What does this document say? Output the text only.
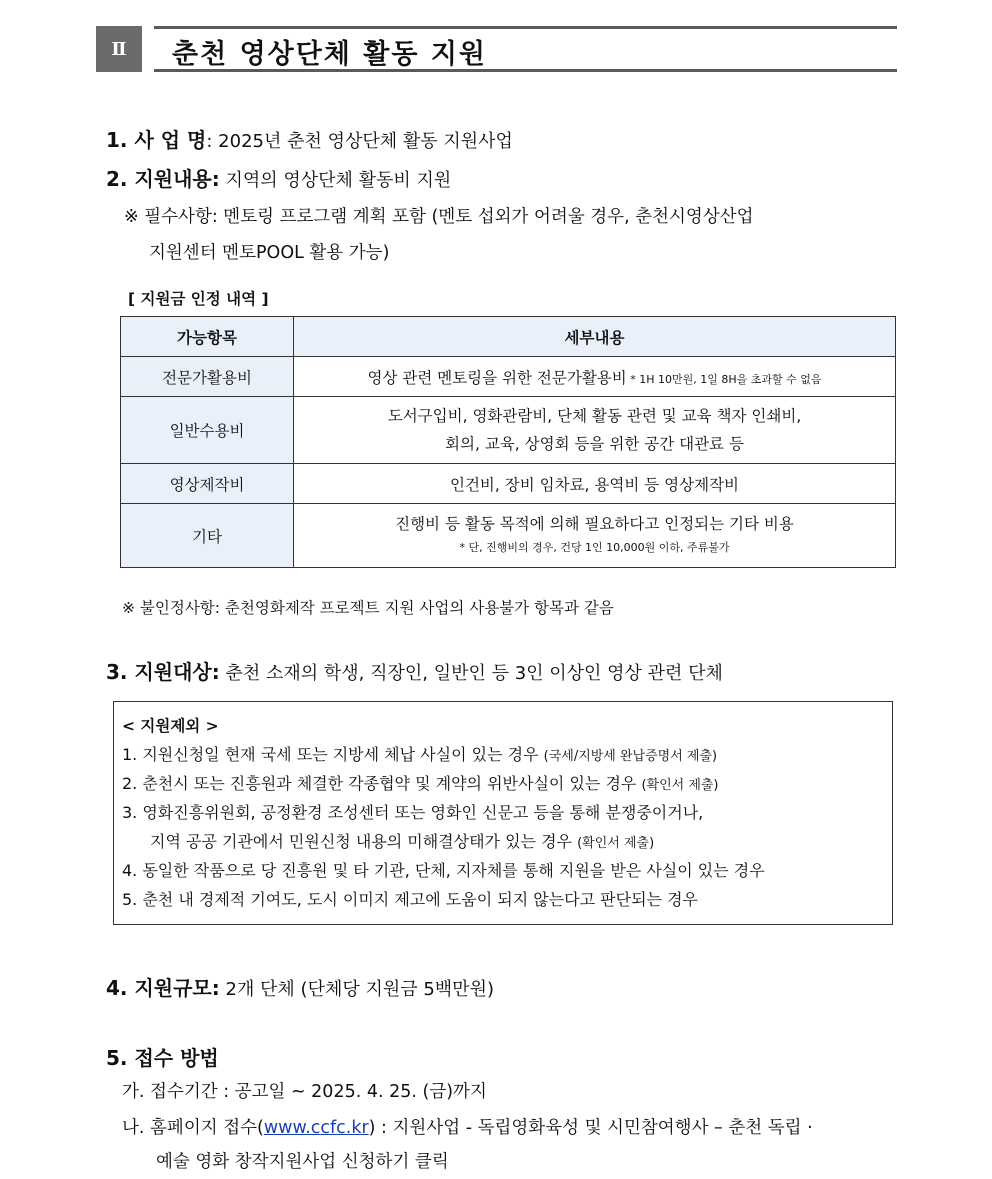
Ⅱ	춘천 영상단체 활동 지원
1. 사 업 명: 2025년 춘천 영상단체 활동 지원사업
2. 지원내용: 지역의 영상단체 활동비 지원
※ 필수사항: 멘토링 프로그램 계획 포함 (멘토 섭외가 어려울 경우, 춘천시영상산업
지원센터 멘토POOL 활용 가능)
[ 지원금 인정 내역 ]
가능항목	세부내용
전문가활용비	영상 관련 멘토링을 위한 전문가활용비 * 1H 10만원, 1일 8H을 초과할 수 없음
일반수용비	도서구입비, 영화관람비, 단체 활동 관련 및 교육 책자 인쇄비,
회의, 교육, 상영회 등을 위한 공간 대관료 등

영상제작비	인건비, 장비 임차료, 용역비 등 영상제작비
기타	진행비 등 활동 목적에 의해 필요하다고 인정되는 기타 비용
* 단, 진행비의 경우, 건당 1인 10,000원 이하, 주류불가
※ 불인정사항: 춘천영화제작 프로젝트 지원 사업의 사용불가 항목과 같음
3. 지원대상: 춘천 소재의 학생, 직장인, 일반인 등 3인 이상인 영상 관련 단체
< 지원제외 >
1. 지원신청일 현재 국세 또는 지방세 체납 사실이 있는 경우 (국세/지방세 완납증명서 제출)
2. 춘천시 또는 진흥원과 체결한 각종협약 및 계약의 위반사실이 있는 경우 (확인서 제출)
3. 영화진흥위원회, 공정환경 조성센터 또는 영화인 신문고 등을 통해 분쟁중이거나,
지역 공공 기관에서 민원신청 내용의 미해결상태가 있는 경우 (확인서 제출)
4. 동일한 작품으로 당 진흥원 및 타 기관, 단체, 지자체를 통해 지원을 받은 사실이 있는 경우
5. 춘천 내 경제적 기여도, 도시 이미지 제고에 도움이 되지 않는다고 판단되는 경우
4. 지원규모: 2개 단체 (단체당 지원금 5백만원)
5. 접수 방법
가. 접수기간 : 공고일 ~ 2025. 4. 25. (금)까지
나. 홈페이지 접수(www.ccfc.kr) : 지원사업 - 독립영화육성 및 시민참여행사 – 춘천 독립 ·
예술 영화 창작지원사업 신청하기 클릭
